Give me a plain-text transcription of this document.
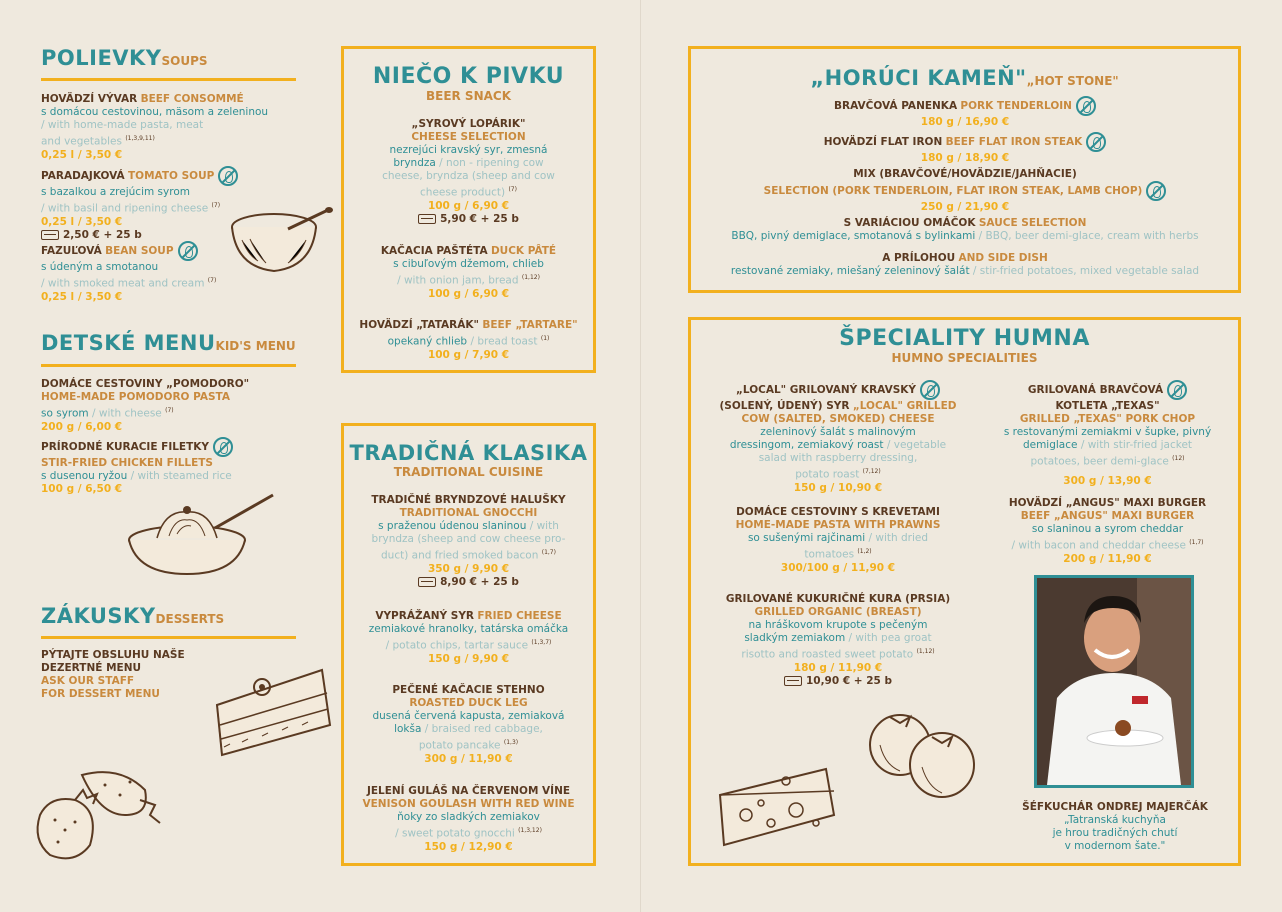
POLIEVKYSOUPS
HOVÄDZÍ VÝVAR BEEF CONSOMMÉ
s domácou cestovinou, mäsom a zeleninou
/ with home-made pasta, meat
and vegetables $^{(1,3,9,11)}$
0,25 l / 3,50 €
PARADAJKOVÁ TOMATO SOUP
s bazalkou a zrejúcim syrom
/ with basil and ripening cheese $^{(7)}$
0,25 l / 3,50 €
2,50 € + 25 b
FAZUĽOVÁ BEAN SOUP
s údeným a smotanou
/ with smoked meat and cream $^{(7)}$
0,25 l / 3,50 €
DETSKÉ MENUKID'S MENU
DOMÁCE CESTOVINY „POMODORO"
HOME-MADE POMODORO PASTA
so syrom / with cheese $^{(7)}$
200 g / 6,00 €
PRÍRODNÉ KURACIE FILETKY
STIR-FRIED CHICKEN FILLETS
s dusenou ryžou / with steamed rice
100 g / 6,50 €
ZÁKUSKYDESSERTS
PÝTAJTE OBSLUHU NAŠE
DEZERTNÉ MENU
ASK OUR STAFF
FOR DESSERT MENU
NIEČO K PIVKU
BEER SNACK
„SYROVÝ LOPÁRIK"
CHEESE SELECTION
nezrejúci kravský syr, zmesná
bryndza / non - ripening cow
cheese, bryndza (sheep and cow
cheese product) $^{(7)}$
100 g / 6,90 €
5,90 € + 25 b
KAČACIA PAŠTÉTA DUCK PÂTÉ
s cibuľovým džemom, chlieb
/ with onion jam, bread $^{(1,12)}$
100 g / 6,90 €
HOVÄDZÍ „TATARÁK" BEEF „TARTARE"
opekaný chlieb / bread toast $^{(1)}$
100 g / 7,90 €
TRADIČNÁ KLASIKA
TRADITIONAL CUISINE
TRADIČNÉ BRYNDZOVÉ HALUŠKY
TRADITIONAL GNOCCHI
s praženou údenou slaninou / with
bryndza (sheep and cow cheese pro-
duct) and fried smoked bacon $^{(1,7)}$
350 g / 9,90 €
8,90 € + 25 b
VYPRÁŽANÝ SYR FRIED CHEESE
zemiakové hranolky, tatárska omáčka
/ potato chips, tartar sauce $^{(1,3,7)}$
150 g / 9,90 €
PEČENÉ KAČACIE STEHNO
ROASTED DUCK LEG
dusená červená kapusta, zemiaková
lokša / braised red cabbage,
potato pancake $^{(1,3)}$
300 g / 11,90 €
JELENÍ GULÁŠ NA ČERVENOM VÍNE
VENISON GOULASH WITH RED WINE
ňoky zo sladkých zemiakov
/ sweet potato gnocchi $^{(1,3,12)}$
150 g / 12,90 €
„HORÚCI KAMEŇ"„HOT STONE"
BRAVČOVÁ PANENKA PORK TENDERLOIN
180 g / 16,90 €
HOVÄDZÍ FLAT IRON BEEF FLAT IRON STEAK
180 g / 18,90 €
MIX (BRAVČOVÉ/HOVÄDZIE/JAHŇACIE)
SELECTION (PORK TENDERLOIN, FLAT IRON STEAK, LAMB CHOP)
250 g / 21,90 €
S VARIÁCIOU OMÁČOK SAUCE SELECTION
BBQ, pivný demiglace, smotanová s bylinkami / BBQ, beer demi-glace, cream with herbs
A PRÍLOHOU AND SIDE DISH
restované zemiaky, miešaný zeleninový šalát / stir-fried potatoes, mixed vegetable salad
ŠPECIALITY HUMNA
HUMNO SPECIALITIES
„LOCAL" GRILOVANÝ KRAVSKÝ
(SOLENÝ, ÚDENÝ) SYR „LOCAL" GRILLED
COW (SALTED, SMOKED) CHEESE
zeleninový šalát s malinovým
dressingom, zemiakový roast / vegetable
salad with raspberry dressing,
potato roast $^{(7,12)}$
150 g / 10,90 €
DOMÁCE CESTOVINY S KREVETAMI
HOME-MADE PASTA WITH PRAWNS
so sušenými rajčinami / with dried
tomatoes $^{(1,2)}$
300/100 g / 11,90 €
GRILOVANÉ KUKURIČNÉ KURA (PRSIA)
GRILLED ORGANIC (BREAST)
na hráškovom krupote s pečeným
sladkým zemiakom / with pea groat
risotto and roasted sweet potato $^{(1,12)}$
180 g / 11,90 €
10,90 € + 25 b
GRILOVANÁ BRAVČOVÁ
KOTLETA „TEXAS"
GRILLED „TEXAS" PORK CHOP
s restovanými zemiakmi v šupke, pivný
demiglace / with stir-fried jacket
potatoes, beer demi-glace $^{(12)}$
300 g / 13,90 €
HOVÄDZÍ „ANGUS" MAXI BURGER
BEEF „ANGUS" MAXI BURGER
so slaninou a syrom cheddar
/ with bacon and cheddar cheese $^{(1,7)}$
200 g / 11,90 €
ŠÉFKUCHÁR ONDREJ MAJERČÁK
„Tatranská kuchyňa
je hrou tradičných chutí
v modernom šate."
